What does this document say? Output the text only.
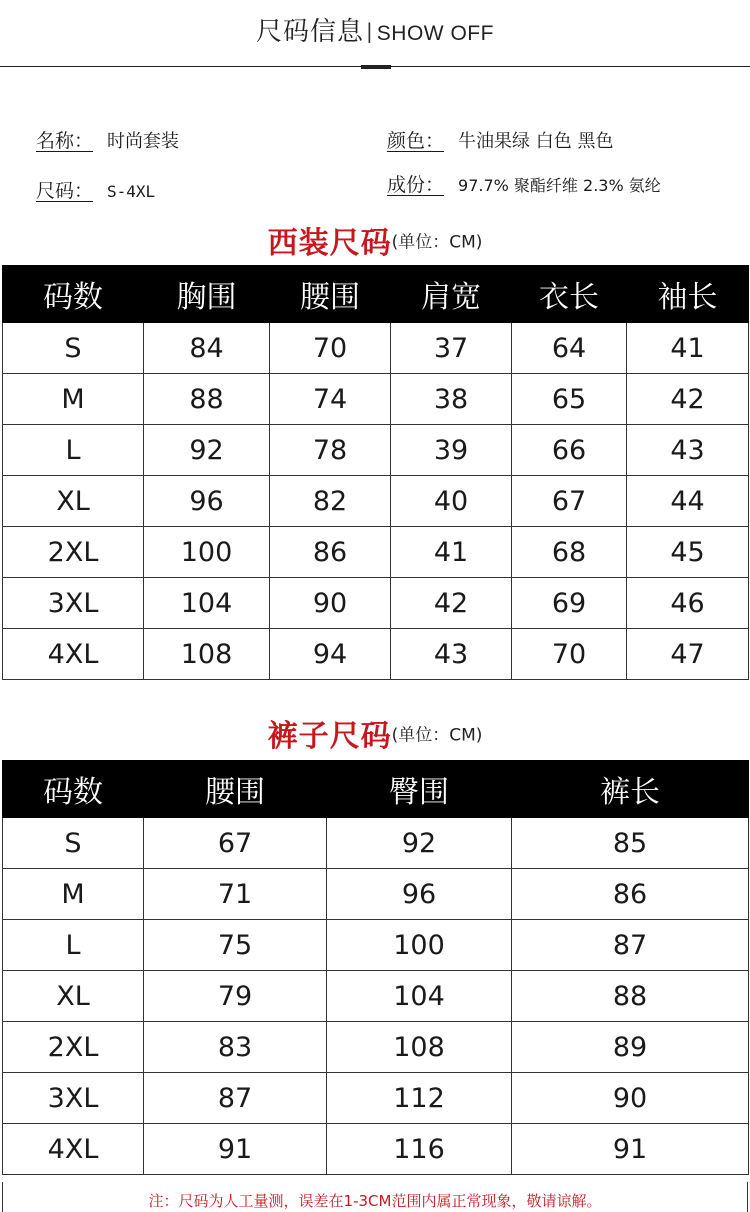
尺码信息 | SHOW OFF
名称： 时尚套装
尺码： S-4XL
颜色： 牛油果绿 白色 黑色
成份： 97.7% 聚酯纤维 2.3% 氨纶
西装尺码(单位：CM)
码数	胸围	腰围	肩宽	衣长	袖长
S	84	70	37	64	41
M	88	74	38	65	42
L	92	78	39	66	43
XL	96	82	40	67	44
2XL	100	86	41	68	45
3XL	104	90	42	69	46
4XL	108	94	43	70	47
裤子尺码(单位：CM)
码数	腰围	臀围	裤长
S	67	92	85
M	71	96	86
L	75	100	87
XL	79	104	88
2XL	83	108	89
3XL	87	112	90
4XL	91	116	91
注：尺码为人工量测，误差在1-3CM范围内属正常现象，敬请谅解。
